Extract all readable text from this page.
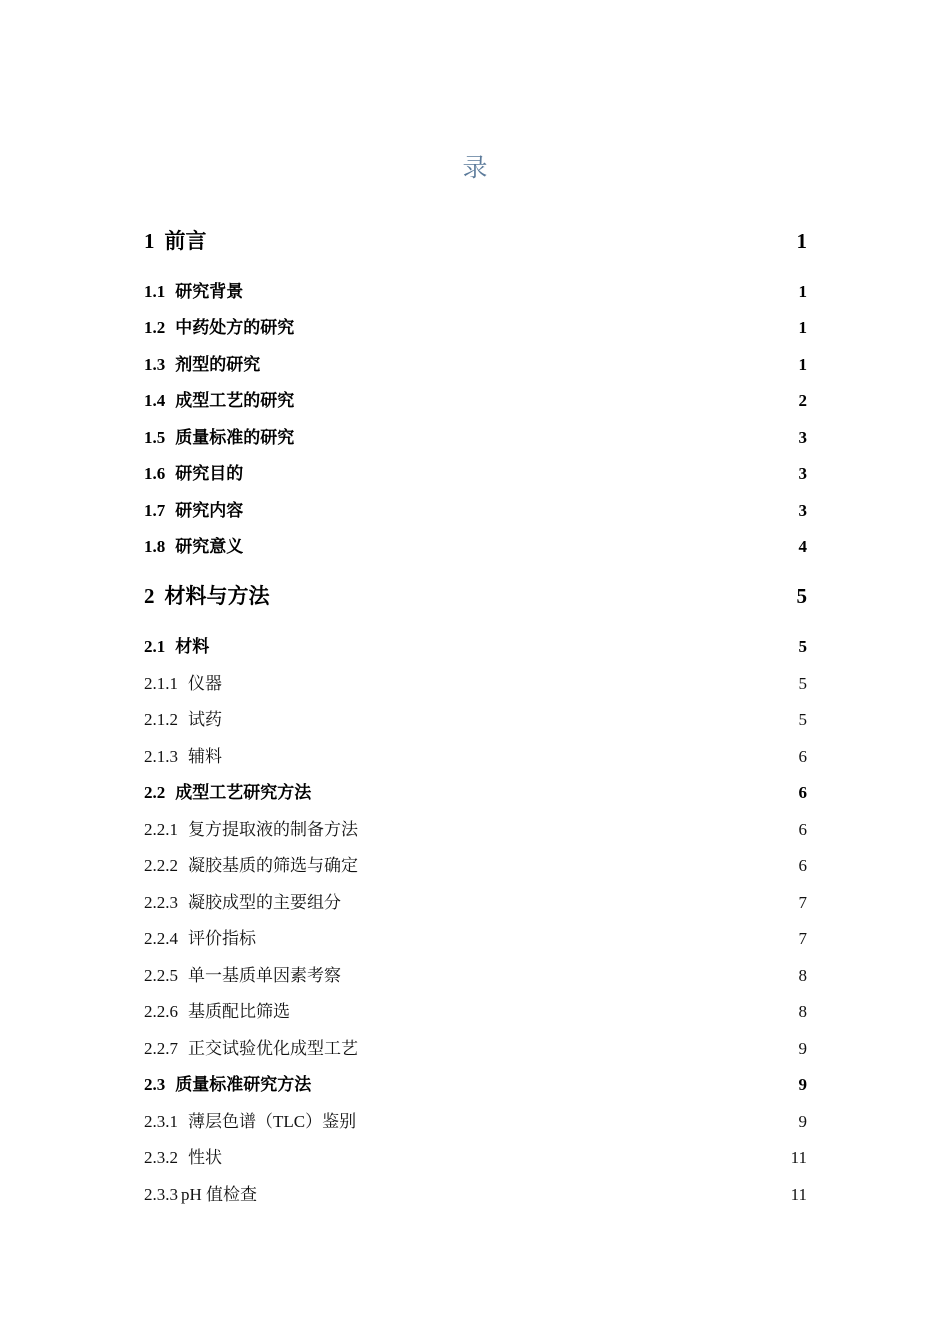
录
1 前言	1
1.1 研究背景	1
1.2 中药处方的研究	1
1.3 剂型的研究	1
1.4 成型工艺的研究	2
1.5 质量标准的研究	3
1.6 研究目的	3
1.7 研究内容	3
1.8 研究意义	4
2 材料与方法	5
2.1 材料	5
2.1.1 仪器	5
2.1.2 试药	5
2.1.3 辅料	6
2.2 成型工艺研究方法	6
2.2.1 复方提取液的制备方法	6
2.2.2 凝胶基质的筛选与确定	6
2.2.3 凝胶成型的主要组分	7
2.2.4 评价指标	7
2.2.5 单一基质单因素考察	8
2.2.6 基质配比筛选	8
2.2.7 正交试验优化成型工艺	9
2.3 质量标准研究方法	9
2.3.1 薄层色谱（TLC）鉴别	9
2.3.2 性状	11
2.3.3 pH 值检查	11
